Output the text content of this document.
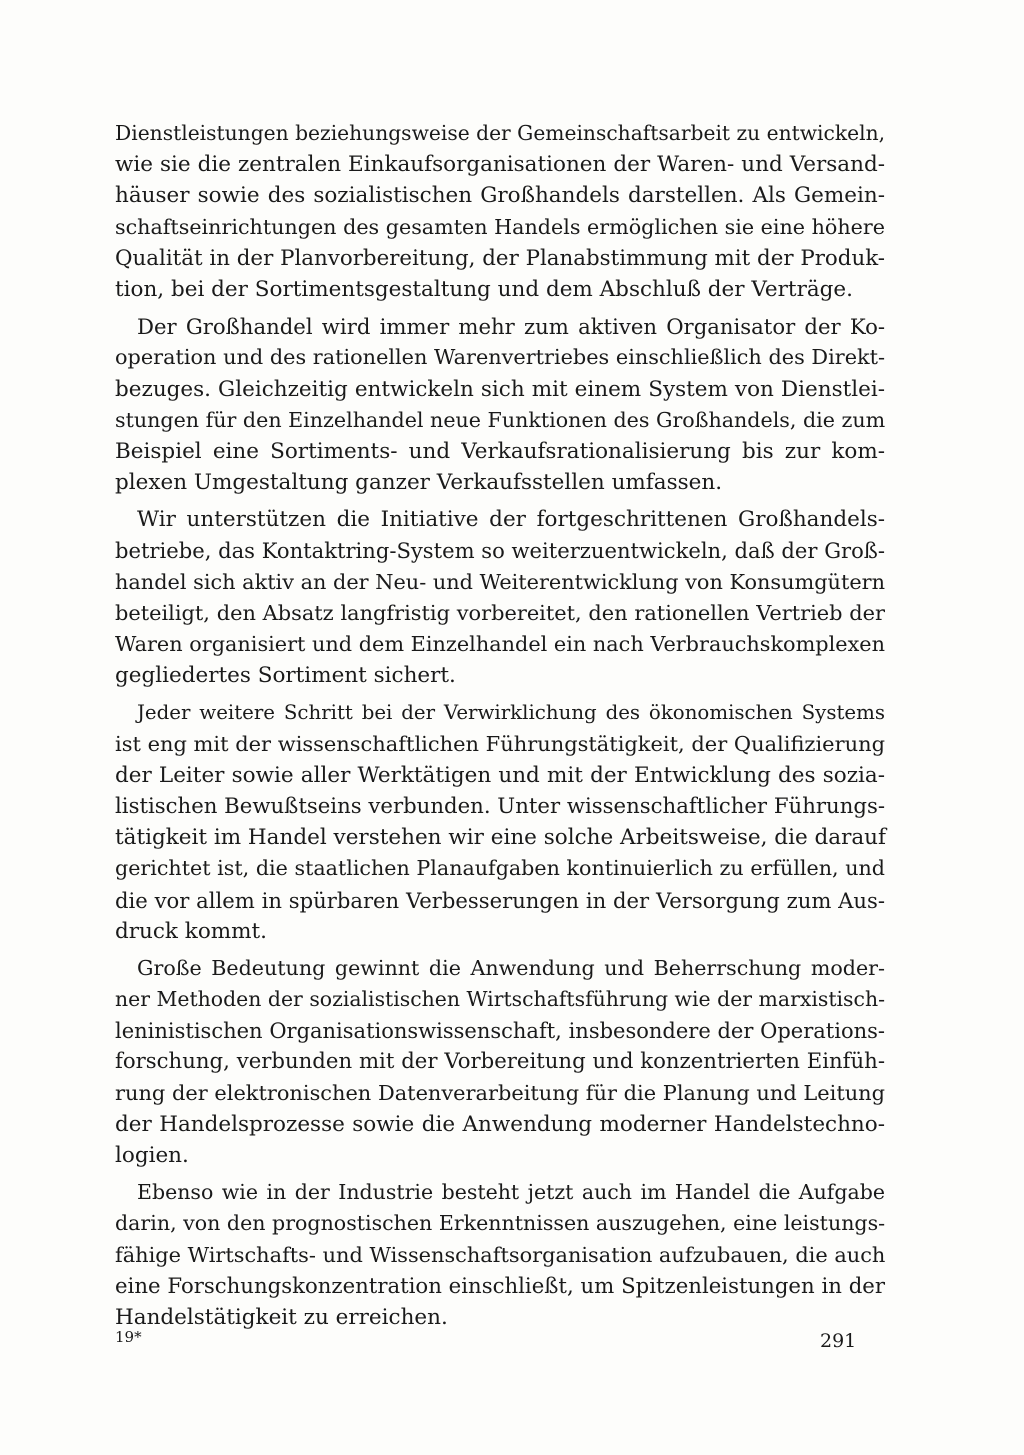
Dienstleistungen beziehungsweise der Gemeinschaftsarbeit zu entwickeln,
wie sie die zentralen Einkaufsorganisationen der Waren- und Versand-
häuser sowie des sozialistischen Großhandels darstellen. Als Gemein-
schaftseinrichtungen des gesamten Handels ermöglichen sie eine höhere
Qualität in der Planvorbereitung, der Planabstimmung mit der Produk-
tion, bei der Sortimentsgestaltung und dem Abschluß der Verträge.
Der Großhandel wird immer mehr zum aktiven Organisator der Ko-
operation und des rationellen Warenvertriebes einschließlich des Direkt-
bezuges. Gleichzeitig entwickeln sich mit einem System von Dienstlei-
stungen für den Einzelhandel neue Funktionen des Großhandels, die zum
Beispiel eine Sortiments- und Verkaufsrationalisierung bis zur kom-
plexen Umgestaltung ganzer Verkaufsstellen umfassen.
Wir unterstützen die Initiative der fortgeschrittenen Großhandels-
betriebe, das Kontaktring-System so weiterzuentwickeln, daß der Groß-
handel sich aktiv an der Neu- und Weiterentwicklung von Konsumgütern
beteiligt, den Absatz langfristig vorbereitet, den rationellen Vertrieb der
Waren organisiert und dem Einzelhandel ein nach Verbrauchskomplexen
gegliedertes Sortiment sichert.
Jeder weitere Schritt bei der Verwirklichung des ökonomischen Systems
ist eng mit der wissenschaftlichen Führungstätigkeit, der Qualifizierung
der Leiter sowie aller Werktätigen und mit der Entwicklung des sozia-
listischen Bewußtseins verbunden. Unter wissenschaftlicher Führungs-
tätigkeit im Handel verstehen wir eine solche Arbeitsweise, die darauf
gerichtet ist, die staatlichen Planaufgaben kontinuierlich zu erfüllen, und
die vor allem in spürbaren Verbesserungen in der Versorgung zum Aus-
druck kommt.
Große Bedeutung gewinnt die Anwendung und Beherrschung moder-
ner Methoden der sozialistischen Wirtschaftsführung wie der marxistisch-
leninistischen Organisationswissenschaft, insbesondere der Operations-
forschung, verbunden mit der Vorbereitung und konzentrierten Einfüh-
rung der elektronischen Datenverarbeitung für die Planung und Leitung
der Handelsprozesse sowie die Anwendung moderner Handelstechno-
logien.
Ebenso wie in der Industrie besteht jetzt auch im Handel die Aufgabe
darin, von den prognostischen Erkenntnissen auszugehen, eine leistungs-
fähige Wirtschafts- und Wissenschaftsorganisation aufzubauen, die auch
eine Forschungskonzentration einschließt, um Spitzenleistungen in der
Handelstätigkeit zu erreichen.
19*	291
